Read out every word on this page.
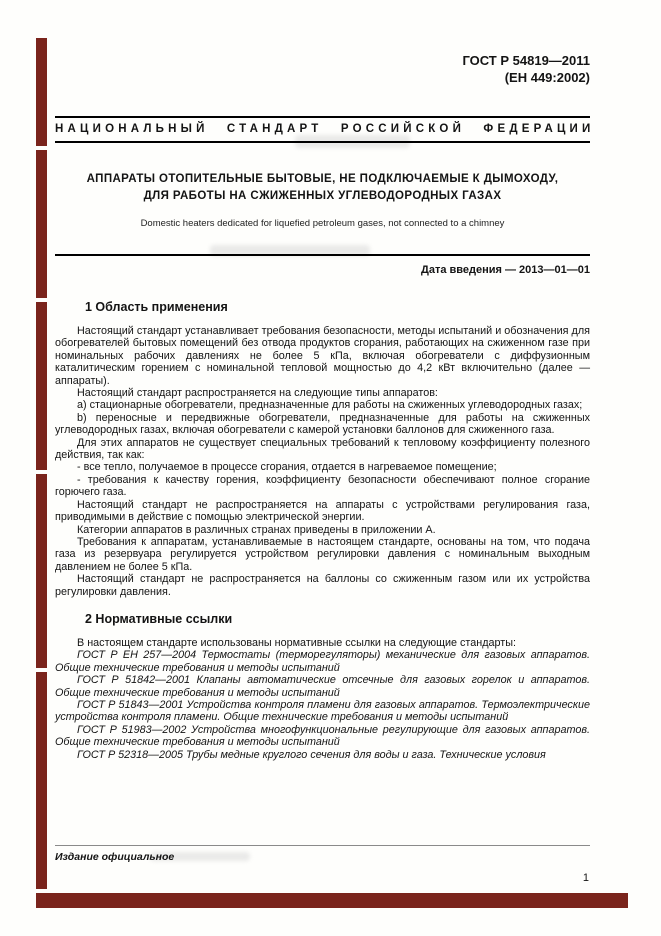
ГОСТ Р 54819—2011
(ЕН 449:2002)
НАЦИОНАЛЬНЫЙ СТАНДАРТ РОССИЙСКОЙ ФЕДЕРАЦИИ
АППАРАТЫ ОТОПИТЕЛЬНЫЕ БЫТОВЫЕ, НЕ ПОДКЛЮЧАЕМЫЕ К ДЫМОХОДУ,
ДЛЯ РАБОТЫ НА СЖИЖЕННЫХ УГЛЕВОДОРОДНЫХ ГАЗАХ
Domestic heaters dedicated for liquefied petroleum gases, not connected to a chimney
Дата введения — 2013—01—01
1 Область применения

Настоящий стандарт устанавливает требования безопасности, методы испытаний и обозначения для обогревателей бытовых помещений без отвода продуктов сгорания, работающих на сжиженном газе при номинальных рабочих давлениях не более 5 кПа, включая обогреватели с диффузионным каталитическим горением с номинальной тепловой мощностью до 4,2 кВт включительно (далее — аппараты).

Настоящий стандарт распространяется на следующие типы аппаратов:

a) стационарные обогреватели, предназначенные для работы на сжиженных углеводородных газах;

b) переносные и передвижные обогреватели, предназначенные для работы на сжиженных углеводородных газах, включая обогреватели с камерой установки баллонов для сжиженного газа.

Для этих аппаратов не существует специальных требований к тепловому коэффициенту полезного действия, так как:

- все тепло, получаемое в процессе сгорания, отдается в нагреваемое помещение;

- требования к качеству горения, коэффициенту безопасности обеспечивают полное сгорание горючего газа.

Настоящий стандарт не распространяется на аппараты с устройствами регулирования газа, приводимыми в действие с помощью электрической энергии.

Категории аппаратов в различных странах приведены в приложении А.

Требования к аппаратам, устанавливаемые в настоящем стандарте, основаны на том, что подача газа из резервуара регулируется устройством регулировки давления с номинальным выходным давлением не более 5 кПа.

Настоящий стандарт не распространяется на баллоны со сжиженным газом или их устройства регулировки давления.

2 Нормативные ссылки

В настоящем стандарте использованы нормативные ссылки на следующие стандарты:

ГОСТ Р ЕН 257—2004 Термостаты (терморегуляторы) механические для газовых аппаратов. Общие технические требования и методы испытаний

ГОСТ Р 51842—2001 Клапаны автоматические отсечные для газовых горелок и аппаратов. Общие технические требования и методы испытаний

ГОСТ Р 51843—2001 Устройства контроля пламени для газовых аппаратов. Термоэлектрические устройства контроля пламени. Общие технические требования и методы испытаний

ГОСТ Р 51983—2002 Устройства многофункциональные регулирующие для газовых аппаратов. Общие технические требования и методы испытаний

ГОСТ Р 52318—2005 Трубы медные круглого сечения для воды и газа. Технические условия

Издание официальное
1
